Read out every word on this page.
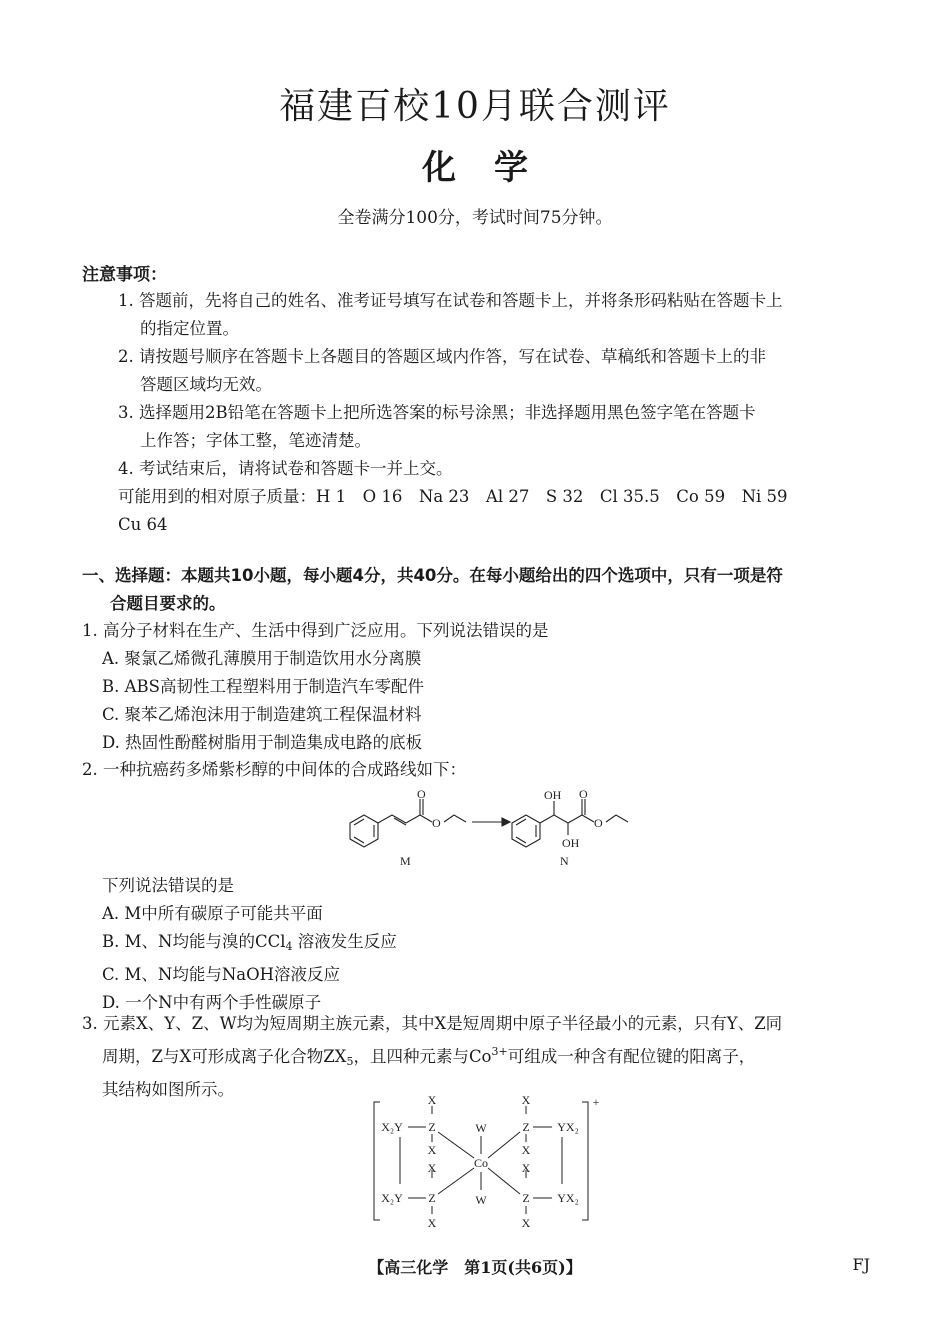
福建百校10月联合测评
化学
全卷满分100分，考试时间75分钟。
注意事项：
1. 答题前，先将自己的姓名、准考证号填写在试卷和答题卡上，并将条形码粘贴在答题卡上
的指定位置。
2. 请按题号顺序在答题卡上各题目的答题区域内作答，写在试卷、草稿纸和答题卡上的非
答题区域均无效。
3. 选择题用2B铅笔在答题卡上把所选答案的标号涂黑；非选择题用黑色签字笔在答题卡
上作答；字体工整，笔迹清楚。
4. 考试结束后，请将试卷和答题卡一并上交。
可能用到的相对原子质量：H 1　O 16　Na 23　Al 27　S 32　Cl 35.5　Co 59　Ni 59
Cu 64
一、选择题：本题共10小题，每小题4分，共40分。在每小题给出的四个选项中，只有一项是符
合题目要求的。
1. 高分子材料在生产、生活中得到广泛应用。下列说法错误的是
A. 聚氯乙烯微孔薄膜用于制造饮用水分离膜
B. ABS高韧性工程塑料用于制造汽车零配件
C. 聚苯乙烯泡沫用于制造建筑工程保温材料
D. 热固性酚醛树脂用于制造集成电路的底板
2. 一种抗癌药多烯紫杉醇的中间体的合成路线如下：
O
O
OH
OH
O
O
M	N
下列说法错误的是
A. M中所有碳原子可能共平面
B. M、N均能与溴的CCl$_4$ 溶液发生反应
C. M、N均能与NaOH溶液反应
D. 一个N中有两个手性碳原子
3. 元素X、Y、Z、W均为短周期主族元素，其中X是短周期中原子半径最小的元素，只有Y、Z同
周期，Z与X可形成离子化合物$ZX_5$，且四种元素与$Co^{3+}$可组成一种含有配位键的阳离子，
其结构如图所示。
X
Z
X
X
Z
X
X₂Y
X₂Y
X
Z
X
X
Z
X
YX₂
YX₂
W
Co
W
+
【高三化学　第1页(共6页)】	FJ
